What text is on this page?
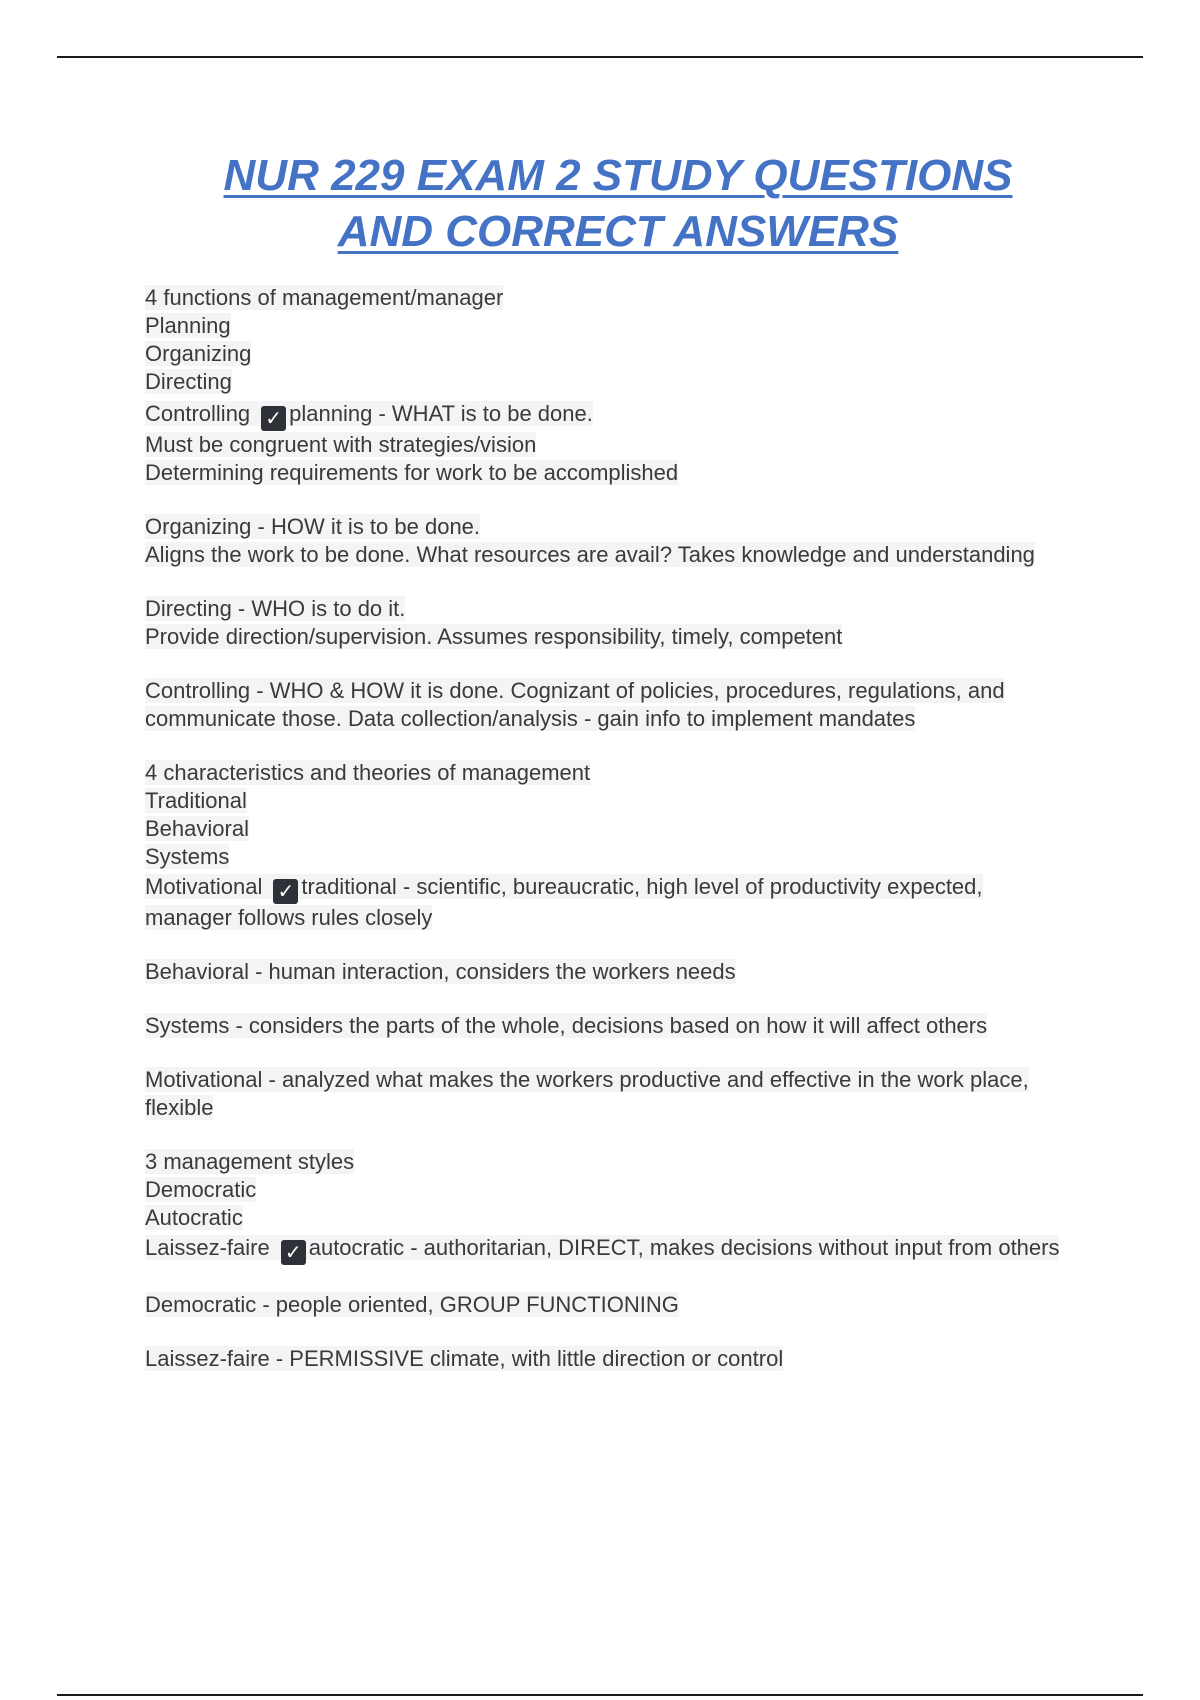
NUR 229 EXAM 2 STUDY QUESTIONS
AND CORRECT ANSWERS
4 functions of management/manager
Planning
Organizing
Directing
Controlling ✓ planning - WHAT is to be done.
Must be congruent with strategies/vision
Determining requirements for work to be accomplished
Organizing - HOW it is to be done.
Aligns the work to be done. What resources are avail? Takes knowledge and understanding
Directing - WHO is to do it.
Provide direction/supervision. Assumes responsibility, timely, competent
Controlling - WHO & HOW it is done. Cognizant of policies, procedures, regulations, and communicate those. Data collection/analysis - gain info to implement mandates
4 characteristics and theories of management
Traditional
Behavioral
Systems
Motivational ✓ traditional - scientific, bureaucratic, high level of productivity expected, manager follows rules closely
Behavioral - human interaction, considers the workers needs
Systems - considers the parts of the whole, decisions based on how it will affect others
Motivational - analyzed what makes the workers productive and effective in the work place, flexible
3 management styles
Democratic
Autocratic
Laissez-faire ✓ autocratic - authoritarian, DIRECT, makes decisions without input from others
Democratic - people oriented, GROUP FUNCTIONING
Laissez-faire - PERMISSIVE climate, with little direction or control
